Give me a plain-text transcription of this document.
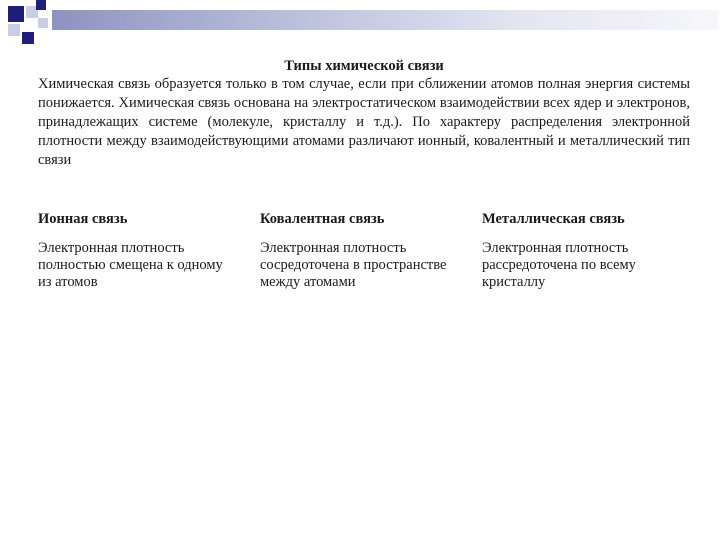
Типы химической связи

Химическая связь образуется только в том случае, если при сближении атомов полная энергия системы понижается. Химическая связь основана на электростатическом взаимодействии всех ядер и электронов, принадлежащих системе (молекуле, кристаллу и т.д.). По характеру распределения электронной плотности между взаимодействующими атомами различают ионный, ковалентный и металлический тип связи

Ионная связь

Электронная плотность полностью смещена к одному из атомов

Ковалентная связь

Электронная плотность сосредоточена в пространстве между атомами

Металлическая связь

Электронная плотность рассредоточена по всему кристаллу
